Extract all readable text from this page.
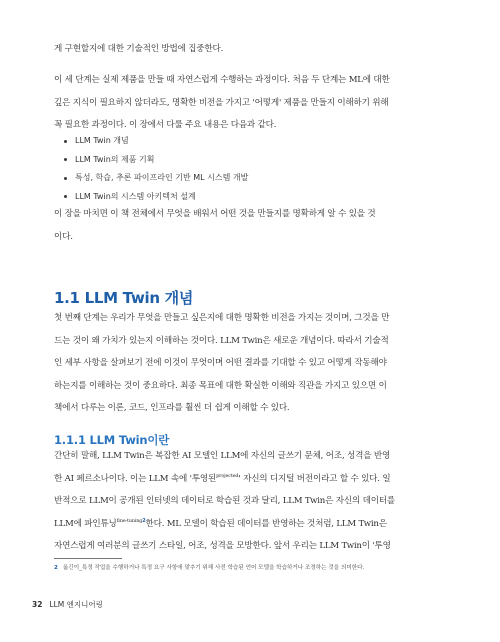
게 구현할지에 대한 기술적인 방법에 집중한다.
이 세 단계는 실제 제품을 만들 때 자연스럽게 수행하는 과정이다. 처음 두 단계는 ML에 대한
깊은 지식이 필요하지 않더라도, 명확한 비전을 가지고 '어떻게' 제품을 만들지 이해하기 위해
꼭 필요한 과정이다. 이 장에서 다룰 주요 내용은 다음과 같다.
LLM Twin 개념
LLM Twin의 제품 기획
특성, 학습, 추론 파이프라인 기반 ML 시스템 개발
LLM Twin의 시스템 아키텍처 설계
이 장을 마치면 이 책 전체에서 무엇을 배워서 어떤 것을 만들지를 명확하게 알 수 있을 것
이다.
1.1 LLM Twin 개념
첫 번째 단계는 우리가 무엇을 만들고 싶은지에 대한 명확한 비전을 가지는 것이며, 그것을 만
드는 것이 왜 가치가 있는지 이해하는 것이다. LLM Twin은 새로운 개념이다. 따라서 기술적
인 세부 사항을 살펴보기 전에 이것이 무엇이며 어떤 결과를 기대할 수 있고 어떻게 작동해야
하는지를 이해하는 것이 중요하다. 최종 목표에 대한 확실한 이해와 직관을 가지고 있으면 이
책에서 다루는 이론, 코드, 인프라를 훨씬 더 쉽게 이해할 수 있다.
1.1.1 LLM Twin이란
간단히 말해, LLM Twin은 복잡한 AI 모델인 LLM에 자신의 글쓰기 문체, 어조, 성격을 반영
한 AI 페르소나이다. 이는 LLM 속에 '투영된$^{projected}$' 자신의 디지털 버전이라고 할 수 있다. 일
반적으로 LLM이 공개된 인터넷의 데이터로 학습된 것과 달리, LLM Twin은 자신의 데이터를
LLM에 파인튜닝$^{fine-tuning2}$한다. ML 모델이 학습된 데이터를 반영하는 것처럼, LLM Twin은
자연스럽게 여러분의 글쓰기 스타일, 어조, 성격을 모방한다. 앞서 우리는 LLM Twin이 '투영
2 옮긴이_특정 작업을 수행하거나 특정 요구 사항에 맞추기 위해 사전 학습된 언어 모델을 학습하거나 조정하는 것을 의미한다.
32 LLM 엔지니어링
